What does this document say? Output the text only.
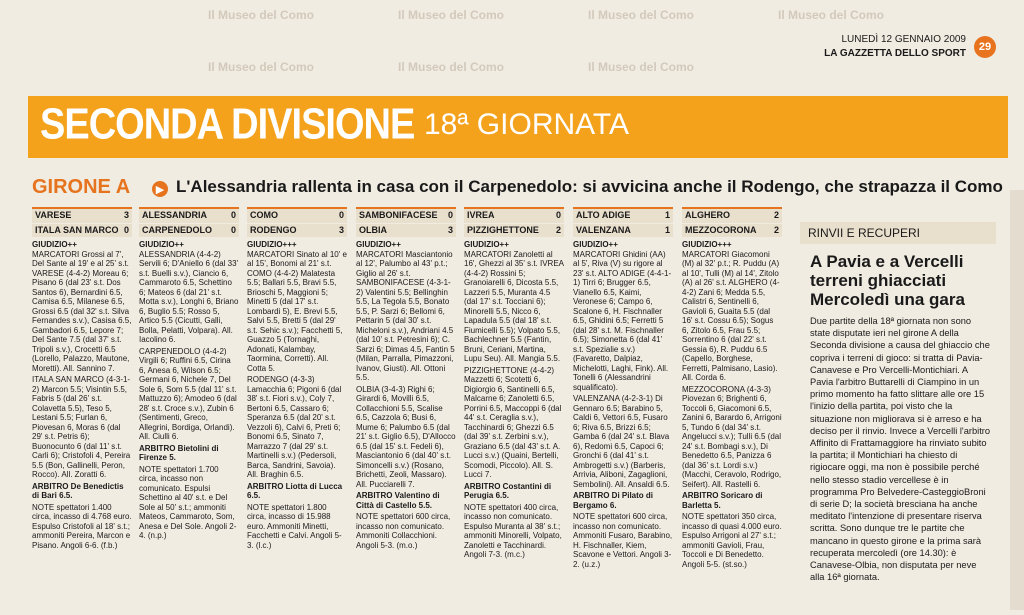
Il Museo del Como	Il Museo del Como	Il Museo del Como	Il Museo del Como
Il Museo del Como	Il Museo del Como	Il Museo del Como
LUNEDÌ 12 GENNAIO 2009
LA GAZZETTA DELLO SPORT
29
SECONDA DIVISIONE 18ª GIORNATA
GIRONE A	▶ L'Alessandria rallenta in casa con il Carpenedolo: si avvicina anche il Rodengo, che strapazza il Como
VARESE	3
ITALA SAN MARCO 0
GIUDIZIO++

MARCATORI Grossi al 7', Del Sante al 19' e al 25' s.t. VARESE (4-4-2) Moreau 6; Pisano 6 (dal 23' s.t. Dos Santos 6), Bernardini 6.5, Camisa 6.5, Milanese 6.5, Grossi 6.5 (dal 32' s.t. Silva Fernandes s.v.), Casisa 6.5, Gambadori 6.5, Lepore 7; Del Sante 7.5 (dal 37' s.t. Tripoli s.v.), Crocetti 6.5 (Lorello, Palazzo, Mautone, Moretti). All. Sannino 7.

ITALA SAN MARCO (4-3-1-2) Marcon 5.5; Visintin 5.5, Fabris 5 (dal 26' s.t. Colavetta 5.5), Teso 5, Lestani 5.5; Furlan 6, Piovesan 6, Moras 6 (dal 29' s.t. Petris 6); Buonocunto 6 (dal 11' s.t. Carli 6); Cristofoli 4, Pereira 5.5 (Bon, Gallinelli, Peron, Rocco). All. Zoratti 6.

ARBITRO De Benedictis di Bari 6.5.

NOTE spettatori 1.400 circa, incasso di 4.768 euro. Espulso Cristofoli al 18' s.t.; ammoniti Pereira, Marcon e Pisano. Angoli 6-6. (f.b.)

ALESSANDRIA	0
CARPENEDOLO 0
GIUDIZIO++

ALESSANDRIA (4-4-2) Servili 6; D'Aniello 6 (dal 33' s.t. Buelli s.v.), Ciancio 6, Cammaroto 6.5, Schettino 6; Mateos 6 (dal 21' s.t. Motta s.v.), Longhi 6, Briano 6, Buglio 5.5; Rosso 5, Artico 5.5 (Cicutti, Galli, Bolla, Pelatti, Volpara). All. Iacolino 6.

CARPENEDOLO (4-4-2) Virgili 6; Ruffini 6.5, Cirina 6, Anesa 6, Wilson 6.5; Germani 6, Nichele 7, Del Sole 6, Som 5.5 (dal 11' s.t. Mattuzzo 6); Amodeo 6 (dal 28' s.t. Croce s.v.), Zubin 6 (Sentimenti, Greco, Allegrini, Bordiga, Orlandi). All. Ciulli 6.

ARBITRO Bietolini di Firenze 5.

NOTE spettatori 1.700 circa, incasso non comunicato. Espulsi Schettino al 40' s.t. e Del Sole al 50' s.t.; ammoniti Mateos, Cammaroto, Som, Anesa e Del Sole. Angoli 2-4. (n.p.)

COMO	0
RODENGO	3
GIUDIZIO+++

MARCATORI Sinato al 10' e al 15', Bonomi al 21' s.t. COMO (4-4-2) Malatesta 5.5; Ballari 5.5, Bravi 5.5, Brioschi 5, Maggioni 5; Minetti 5 (dal 17' s.t. Lombardi 5), E. Brevi 5.5, Salvi 5.5, Bretti 5 (dal 29' s.t. Sehic s.v.); Facchetti 5, Guazzo 5 (Tornaghi, Adonati, Kalambay, Taormina, Corretti). All. Cotta 5.

RODENGO (4-3-3) Lamacchia 6; Pigoni 6 (dal 38' s.t. Fiori s.v.), Coly 7, Bertoni 6.5, Cassaro 6; Speranza 6.5 (dal 20' s.t. Vezzoli 6), Calvi 6, Preti 6; Bonomi 6.5, Sinato 7, Marrazzo 7 (dal 29' s.t. Martinelli s.v.) (Pedersoli, Barca, Sandrini, Savoia). All. Braghin 6.5.

ARBITRO Liotta di Lucca 6.5.

NOTE spettatori 1.800 circa, incasso di 15.988 euro. Ammoniti Minetti, Facchetti e Calvi. Angoli 5-3. (l.c.)

SAMBONIFACESE 0
OLBIA	3
GIUDIZIO++

MARCATORI Masciantonio al 12', Palumbo al 43' p.t.; Giglio al 26' s.t. SAMBONIFACESE (4-3-1-2) Valentini 5.5; Bellinghin 5.5, La Tegola 5.5, Bonato 5.5, P. Sarzi 6; Bellomi 6, Pettarin 5 (dal 30' s.t. Micheloni s.v.), Andriani 4.5 (dal 10' s.t. Petresini 6); C. Sarzi 6; Dimas 4.5, Fantin 5 (Milan, Parralla, Pimazzoni, Ivanov, Giusti). All. Ottoni 5.5.

OLBIA (3-4-3) Righi 6; Girardi 6, Movilli 6.5, Collacchioni 5.5, Scalise 6.5, Cazzola 6; Busi 6, Mume 6; Palumbo 6.5 (dal 21' s.t. Giglio 6.5), D'Allocco 6.5 (dal 15' s.t. Fedeli 6), Masciantonio 6 (dal 40' s.t. Simoncelli s.v.) (Rosano, Brichetti, Zeoli, Massaro). All. Pucciarelli 7.

ARBITRO Valentino di Città di Castello 5.5.

NOTE spettatori 600 circa, incasso non comunicato. Ammoniti Collacchioni. Angoli 5-3. (m.o.)

IVREA	0
PIZZIGHETTONE 2
GIUDIZIO++

MARCATORI Zanoletti al 16', Ghezzi al 35' s.t. IVREA (4-4-2) Rossini 5; Granoiarelli 6, Dicosta 5.5, Lazzeri 5.5, Muranta 4.5 (dal 17' s.t. Tocciani 6); Minorelli 5.5, Nicco 6, Lapadula 5.5 (dal 18' s.t. Fiumicelli 5.5); Volpato 5.5, Bachlechner 5.5 (Fantin, Bruni, Ceriani, Martina, Lupu Seu). All. Mangia 5.5.

PIZZIGHETTONE (4-4-2) Mazzetti 6; Scotetti 6, Digiorgio 6, Santinelli 6.5, Malcarne 6; Zanoletti 6.5, Porrini 6.5, Maccoppi 6 (dal 44' s.t. Ceraglia s.v.), Tacchinardi 6; Ghezzi 6.5 (dal 39' s.t. Zerbini s.v.), Graziano 6.5 (dal 43' s.t. A. Lucci s.v.) (Quaini, Bertelli, Scomodi, Piccolo). All. S. Lucci 7.

ARBITRO Costantini di Perugia 6.5.

NOTE spettatori 400 circa, incasso non comunicato. Espulso Muranta al 38' s.t.; ammoniti Minorelli, Volpato, Zanoletti e Tacchinardi. Angoli 7-3. (m.c.)

ALTO ADIGE	1
VALENZANA	1
GIUDIZIO++

MARCATORI Ghidini (AA) al 5', Riva (V) su rigore al 23' s.t. ALTO ADIGE (4-4-1-1) Tirri 6; Brugger 6.5, Vianello 6.5, Kaimi, Veronese 6; Campo 6, Scalone 6, H. Fischnaller 6.5, Ghidini 6.5; Ferretti 5 (dal 28' s.t. M. Fischnaller 6.5); Simonetta 6 (dal 41' s.t. Spezialie s.v.) (Favaretto, Dalpiaz, Michelotti, Laghi, Fink). All. Tonelli 6 (Alessandrini squalificato).

VALENZANA (4-2-3-1) Di Gennaro 6.5; Barabino 5, Caldi 6, Vettori 6.5, Fusaro 6; Riva 6.5, Brizzi 6.5; Gamba 6 (dal 24' s.t. Blava 6), Redomi 6.5, Capoci 6; Gronchi 6 (dal 41' s.t. Ambrogetti s.v.) (Barberis, Arrivia, Aliboni, Zagaglioni, Sembolini). All. Ansaldi 6.5.

ARBITRO Di Pilato di Bergamo 6.

NOTE spettatori 600 circa, incasso non comunicato. Ammoniti Fusaro, Barabino, H. Fischnaller, Kiem, Scavone e Vettori. Angoli 3-2. (u.z.)

ALGHERO	2
MEZZOCORONA 2
GIUDIZIO+++

MARCATORI Giacomoni (M) al 32' p.t.; R. Puddu (A) al 10', Tulli (M) al 14', Zitolo (A) al 26' s.t. ALGHERO (4-4-2) Zani 6; Medda 5.5, Calistri 6, Sentinelli 6, Gavioli 6, Guaita 5.5 (dal 16' s.t. Cossu 6.5); Sogus 6, Zitolo 6.5, Frau 5.5; Sorrentino 6 (dal 22' s.t. Gessia 6), R. Puddu 6.5 (Capello, Borghese, Ferretti, Palmisano, Lasio). All. Corda 6.

MEZZOCORONA (4-3-3) Piovezan 6; Brighenti 6, Toccoli 6, Giacomoni 6.5, Zanini 6, Barardo 6, Arrigoni 5, Tundo 6 (dal 34' s.t. Angelucci s.v.); Tulli 6.5 (dal 24' s.t. Bombagi s.v.), Di Benedetto 6.5, Panizza 6 (dal 36' s.t. Lordi s.v.) (Macchi, Ceravolo, Rodrigo, Seifert). All. Rastelli 6.

ARBITRO Soricaro di Barletta 5.

NOTE spettatori 350 circa, incasso di quasi 4.000 euro. Espulso Arrigoni al 27' s.t.; ammoniti Gavioli, Frau, Toccoli e Di Benedetto. Angoli 5-5. (st.so.)

RINVII E RECUPERI
A Pavia e a Vercelli terreni ghiacciati Mercoledì una gara
Due partite della 18ª giornata non sono state disputate ieri nel girone A della Seconda divisione a causa del ghiaccio che copriva i terreni di gioco: si tratta di Pavia-Canavese e Pro Vercelli-Montichiari. A Pavia l'arbitro Buttarelli di Ciampino in un primo momento ha fatto slittare alle ore 15 l'inizio della partita, poi visto che la situazione non migliorava si è arreso e ha deciso per il rinvio. Invece a Vercelli l'arbitro Affinito di Frattamaggiore ha rinviato subito la partita; il Montichiari ha chiesto di rigiocare oggi, ma non è possibile perché nello stesso stadio vercellese è in programma Pro Belvedere-CasteggioBroni di serie D; la società bresciana ha anche meditato l'intenzione di presentare riserva scritta. Sono dunque tre le partite che mancano in questo girone e la prima sarà recuperata mercoledì (ore 14.30): è Canavese-Olbia, non disputata per neve alla 16ª giornata.
